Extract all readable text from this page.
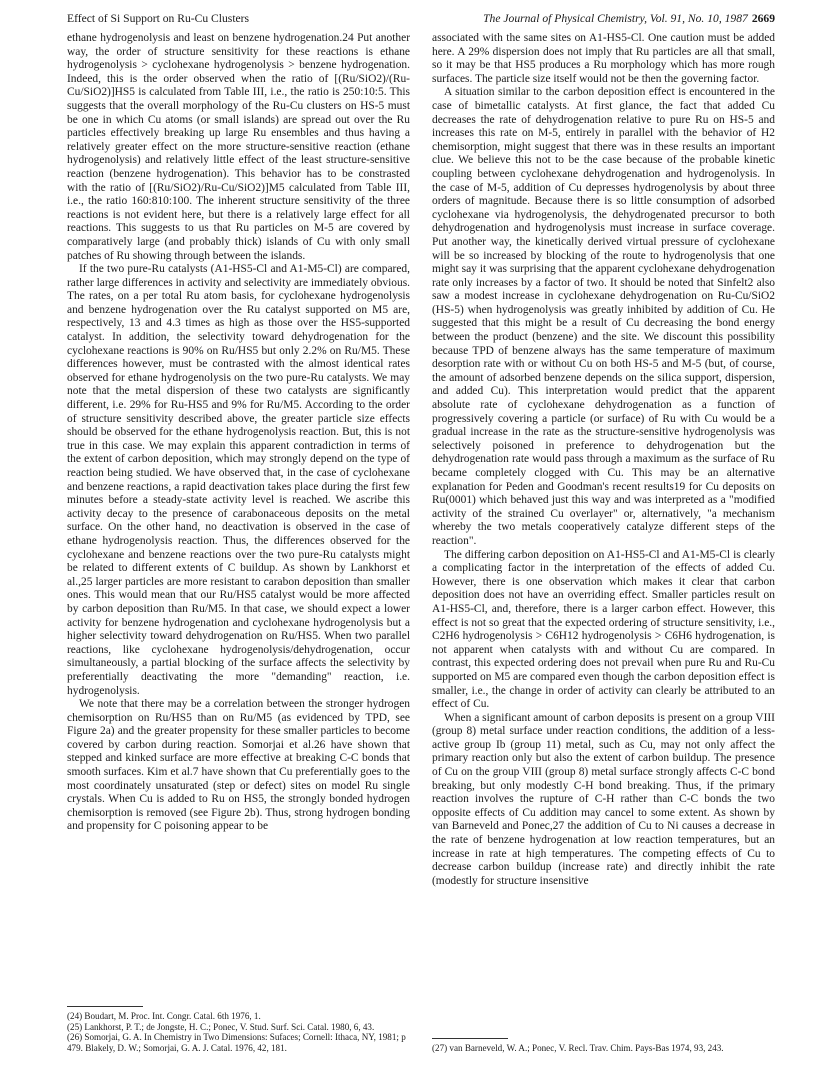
Effect of Si Support on Ru-Cu Clusters	The Journal of Physical Chemistry, Vol. 91, No. 10, 1987 2669

ethane hydrogenolysis and least on benzene hydrogenation.24 Put another way, the order of structure sensitivity for these reactions is ethane hydrogenolysis > cyclohexane hydrogenolysis > benzene hydrogenation. Indeed, this is the order observed when the ratio of [(Ru/SiO2)/(Ru-Cu/SiO2)]HS5 is calculated from Table III, i.e., the ratio is 250:10:5. This suggests that the overall morphology of the Ru-Cu clusters on HS-5 must be one in which Cu atoms (or small islands) are spread out over the Ru particles effectively breaking up large Ru ensembles and thus having a relatively greater effect on the more structure-sensitive reaction (ethane hydrogenolysis) and relatively little effect of the least structure-sensitive reaction (benzene hydrogenation). This behavior has to be constrasted with the ratio of [(Ru/SiO2)/Ru-Cu/SiO2)]M5 calculated from Table III, i.e., the ratio 160:810:100. The inherent structure sensitivity of the three reactions is not evident here, but there is a relatively large effect for all reactions. This suggests to us that Ru particles on M-5 are covered by comparatively large (and probably thick) islands of Cu with only small patches of Ru showing through between the islands.

If the two pure-Ru catalysts (A1-HS5-Cl and A1-M5-Cl) are compared, rather large differences in activity and selectivity are immediately obvious. The rates, on a per total Ru atom basis, for cyclohexane hydrogenolysis and benzene hydrogenation over the Ru catalyst supported on M5 are, respectively, 13 and 4.3 times as high as those over the HS5-supported catalyst. In addition, the selectivity toward dehydrogenation for the cyclohexane reactions is 90% on Ru/HS5 but only 2.2% on Ru/M5. These differences however, must be contrasted with the almost identical rates observed for ethane hydrogenolysis on the two pure-Ru catalysts. We may note that the metal dispersion of these two catalysts are significantly different, i.e. 29% for Ru-HS5 and 9% for Ru/M5. According to the order of structure sensitivity described above, the greater particle size effects should be observed for the ethane hydrogenolysis reaction. But, this is not true in this case. We may explain this apparent contradiction in terms of the extent of carbon deposition, which may strongly depend on the type of reaction being studied. We have observed that, in the case of cyclohexane and benzene reactions, a rapid deactivation takes place during the first few minutes before a steady-state activity level is reached. We ascribe this activity decay to the presence of carabonaceous deposits on the metal surface. On the other hand, no deactivation is observed in the case of ethane hydrogenolysis reaction. Thus, the differences observed for the cyclohexane and benzene reactions over the two pure-Ru catalysts might be related to different extents of C buildup. As shown by Lankhorst et al.,25 larger particles are more resistant to carabon deposition than smaller ones. This would mean that our Ru/HS5 catalyst would be more affected by carbon deposition than Ru/M5. In that case, we should expect a lower activity for benzene hydrogenation and cyclohexane hydrogenolysis but a higher selectivity toward dehydrogenation on Ru/HS5. When two parallel reactions, like cyclohexane hydrogenolysis/dehydrogenation, occur simultaneously, a partial blocking of the surface affects the selectivity by preferentially deactivating the more "demanding" reaction, i.e. hydrogenolysis.

We note that there may be a correlation between the stronger hydrogen chemisorption on Ru/HS5 than on Ru/M5 (as evidenced by TPD, see Figure 2a) and the greater propensity for these smaller particles to become covered by carbon during reaction. Somorjai et al.26 have shown that stepped and kinked surface are more effective at breaking C-C bonds that smooth surfaces. Kim et al.7 have shown that Cu preferentially goes to the most coordinately unsaturated (step or defect) sites on model Ru single crystals. When Cu is added to Ru on HS5, the strongly bonded hydrogen chemisorption is removed (see Figure 2b). Thus, strong hydrogen bonding and propensity for C poisoning appear to be

associated with the same sites on A1-HS5-Cl. One caution must be added here. A 29% dispersion does not imply that Ru particles are all that small, so it may be that HS5 produces a Ru morphology which has more rough surfaces. The particle size itself would not be then the governing factor.

A situation similar to the carbon deposition effect is encountered in the case of bimetallic catalysts. At first glance, the fact that added Cu decreases the rate of dehydrogenation relative to pure Ru on HS-5 and increases this rate on M-5, entirely in parallel with the behavior of H2 chemisorption, might suggest that there was in these results an important clue. We believe this not to be the case because of the probable kinetic coupling between cyclohexane dehydrogenation and hydrogenolysis. In the case of M-5, addition of Cu depresses hydrogenolysis by about three orders of magnitude. Because there is so little consumption of adsorbed cyclohexane via hydrogenolysis, the dehydrogenated precursor to both dehydrogenation and hydrogenolysis must increase in surface coverage. Put another way, the kinetically derived virtual pressure of cyclohexane will be so increased by blocking of the route to hydrogenolysis that one might say it was surprising that the apparent cyclohexane dehydrogenation rate only increases by a factor of two. It should be noted that Sinfelt2 also saw a modest increase in cyclohexane dehydrogenation on Ru-Cu/SiO2 (HS-5) when hydrogenolysis was greatly inhibited by addition of Cu. He suggested that this might be a result of Cu decreasing the bond energy between the product (benzene) and the site. We discount this possibility because TPD of benzene always has the same temperature of maximum desorption rate with or without Cu on both HS-5 and M-5 (but, of course, the amount of adsorbed benzene depends on the silica support, dispersion, and added Cu). This interpretation would predict that the apparent absolute rate of cyclohexane dehydrogenation as a function of progressively covering a particle (or surface) of Ru with Cu would be a gradual increase in the rate as the structure-sensitive hydrogenolysis was selectively poisoned in preference to dehydrogenation but the dehydrogenation rate would pass through a maximum as the surface of Ru became completely clogged with Cu. This may be an alternative explanation for Peden and Goodman's recent results19 for Cu deposits on Ru(0001) which behaved just this way and was interpreted as a "modified activity of the strained Cu overlayer" or, alternatively, "a mechanism whereby the two metals cooperatively catalyze different steps of the reaction".

The differing carbon deposition on A1-HS5-Cl and A1-M5-Cl is clearly a complicating factor in the interpretation of the effects of added Cu. However, there is one observation which makes it clear that carbon deposition does not have an overriding effect. Smaller particles result on A1-HS5-Cl, and, therefore, there is a larger carbon effect. However, this effect is not so great that the expected ordering of structure sensitivity, i.e., C2H6 hydrogenolysis > C6H12 hydrogenolysis > C6H6 hydrogenation, is not apparent when catalysts with and without Cu are compared. In contrast, this expected ordering does not prevail when pure Ru and Ru-Cu supported on M5 are compared even though the carbon deposition effect is smaller, i.e., the change in order of activity can clearly be attributed to an effect of Cu.

When a significant amount of carbon deposits is present on a group VIII (group 8) metal surface under reaction conditions, the addition of a less-active group Ib (group 11) metal, such as Cu, may not only affect the primary reaction only but also the extent of carbon buildup. The presence of Cu on the group VIII (group 8) metal surface strongly affects C-C bond breaking, but only modestly C-H bond breaking. Thus, if the primary reaction involves the rupture of C-H rather than C-C bonds the two opposite effects of Cu addition may cancel to some extent. As shown by van Barneveld and Ponec,27 the addition of Cu to Ni causes a decrease in the rate of benzene hydrogenation at low reaction temperatures, but an increase in rate at high temperatures. The competing effects of Cu to decrease carbon buildup (increase rate) and directly inhibit the rate (modestly for structure insensitive

(24) Boudart, M. Proc. Int. Congr. Catal. 6th 1976, 1.

(25) Lankhorst, P. T.; de Jongste, H. C.; Ponec, V. Stud. Surf. Sci. Catal. 1980, 6, 43.

(26) Somorjai, G. A. In Chemistry in Two Dimensions: Sufaces; Cornell: Ithaca, NY, 1981; p 479. Blakely, D. W.; Somorjai, G. A. J. Catal. 1976, 42, 181.	(27) van Barneveld, W. A.; Ponec, V. Recl. Trav. Chim. Pays-Bas 1974, 93, 243.
